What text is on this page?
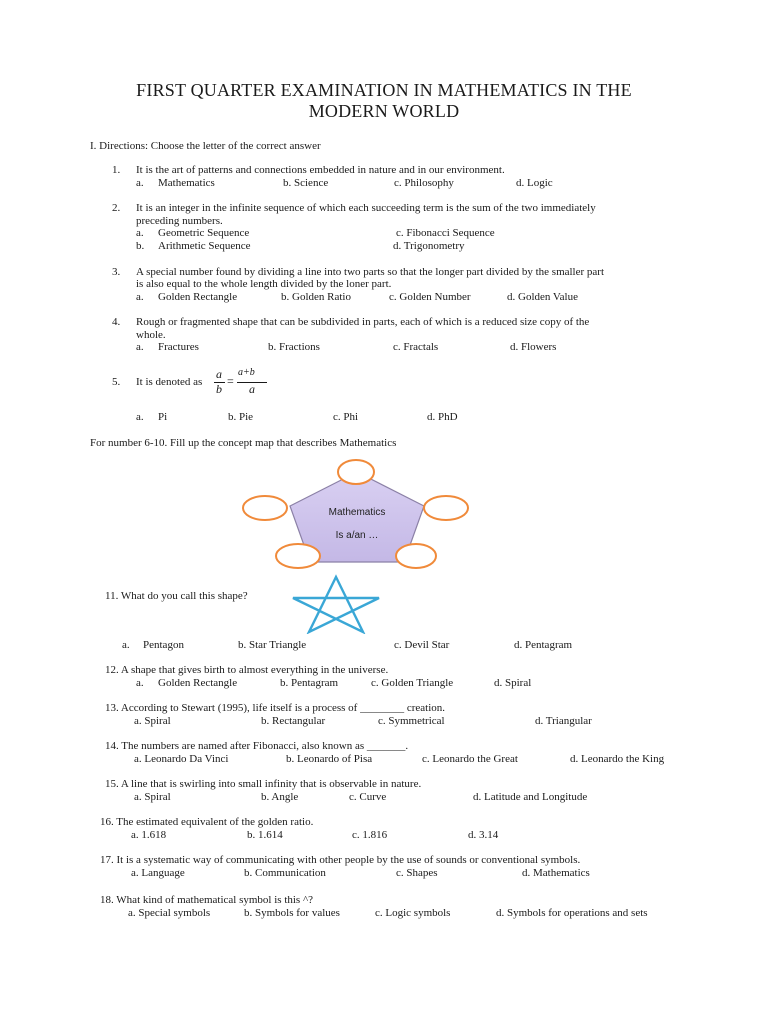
FIRST QUARTER EXAMINATION IN MATHEMATICS IN THE
MODERN WORLD
I. Directions: Choose the letter of the correct answer
1. It is the art of patterns and connections embedded in nature and in our environment.
a. Mathematics	b. Science	c. Philosophy	d. Logic
2. It is an integer in the infinite sequence of which each succeeding term is the sum of the two immediately
preceding numbers.
a. Geometric Sequence
b. Arithmetic Sequence
c. Fibonacci Sequence
d. Trigonometry
3. A special number found by dividing a line into two parts so that the longer part divided by the smaller part
is also equal to the whole length divided by the loner part.
a. Golden Rectangle	b. Golden Ratio	c. Golden Number	d. Golden Value
4. Rough or fragmented shape that can be subdivided in parts, each of which is a reduced size copy of the
whole.
a. Fractures	b. Fractions	c. Fractals	d. Flowers
5. It is denoted as
a
b
=
a+b
a
a. Pi	b. Pie	c. Phi	d. PhD
For number 6-10. Fill up the concept map that describes Mathematics
Mathematics
Is a/an …
11. What do you call this shape?
a. Pentagon	b. Star Triangle	c. Devil Star	d. Pentagram
12. A shape that gives birth to almost everything in the universe.
a. Golden Rectangle	b. Pentagram	c. Golden Triangle	d. Spiral
13. According to Stewart (1995), life itself is a process of ________ creation.
a. Spiral	b. Rectangular	c. Symmetrical	d. Triangular
14. The numbers are named after Fibonacci, also known as _______.
a. Leonardo Da Vinci	b. Leonardo of Pisa	c. Leonardo the Great	d. Leonardo the King
15. A line that is swirling into small infinity that is observable in nature.
a. Spiral	b. Angle	c. Curve	d. Latitude and Longitude
16. The estimated equivalent of the golden ratio.
a. 1.618	b. 1.614	c. 1.816	d. 3.14
17. It is a systematic way of communicating with other people by the use of sounds or conventional symbols.
a. Language	b. Communication	c. Shapes	d. Mathematics
18. What kind of mathematical symbol is this ^?
a. Special symbols	b. Symbols for values	c. Logic symbols	d. Symbols for operations and sets
